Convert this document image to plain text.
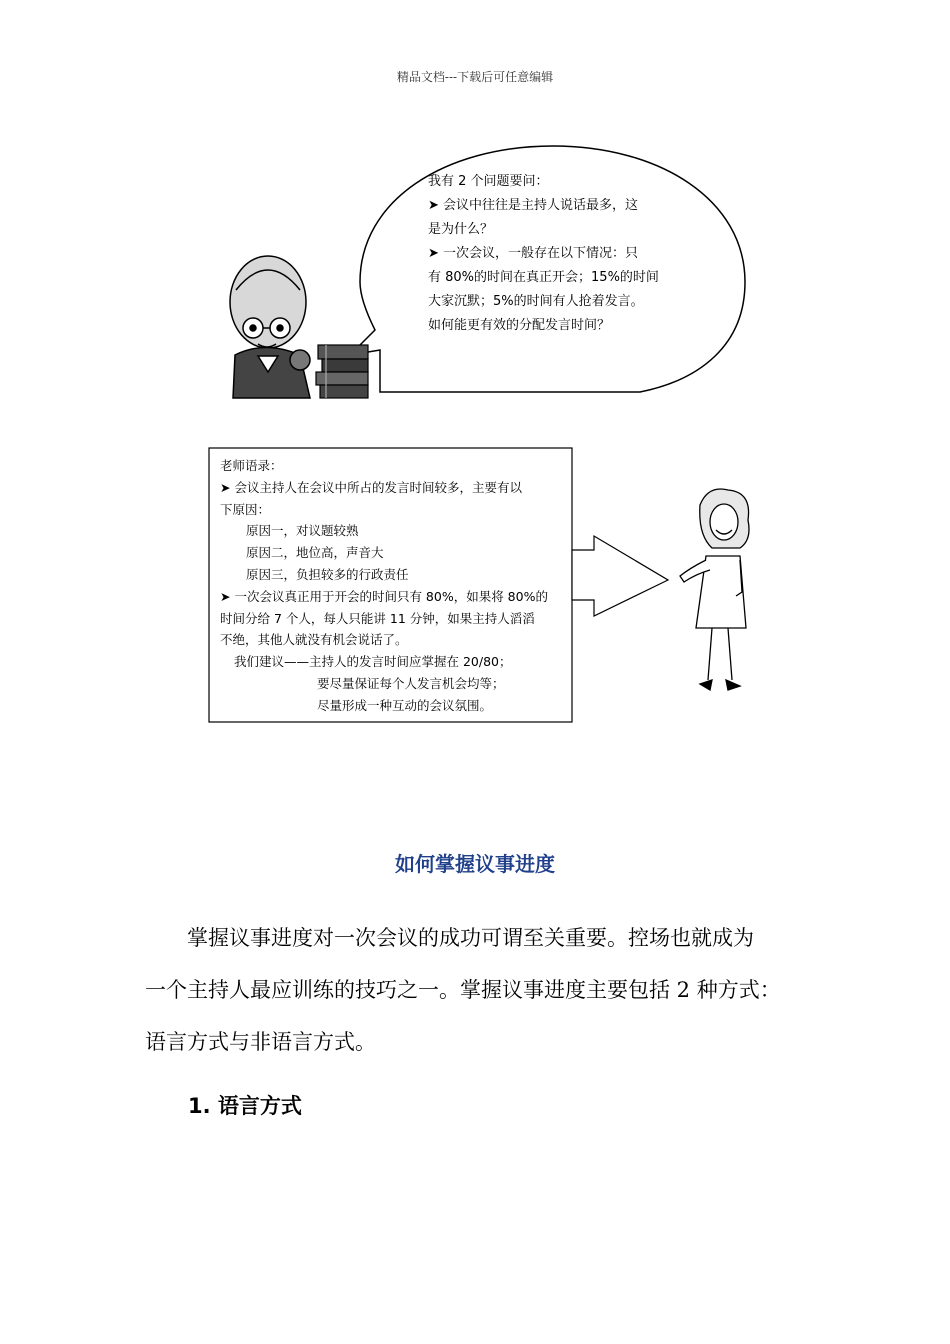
精品文档---下载后可任意编辑
我有 2 个问题要问：
➤ 会议中往往是主持人说话最多，这
是为什么？
➤ 一次会议，一般存在以下情况：只
有 80%的时间在真正开会；15%的时间
大家沉默；5%的时间有人抢着发言。
如何能更有效的分配发言时间？
老师语录：
➤ 会议主持人在会议中所占的发言时间较多，主要有以
下原因：
原因一，对议题较熟
原因二，地位高，声音大
原因三，负担较多的行政责任
➤ 一次会议真正用于开会的时间只有 80%，如果将 80%的
时间分给 7 个人，每人只能讲 11 分钟，如果主持人滔滔
不绝，其他人就没有机会说话了。
我们建议——主持人的发言时间应掌握在 20/80；
要尽量保证每个人发言机会均等；
尽量形成一种互动的会议氛围。
如何掌握议事进度
掌握议事进度对一次会议的成功可谓至关重要。控场也就成为
一个主持人最应训练的技巧之一。掌握议事进度主要包括 2 种方式：
语言方式与非语言方式。
1. 语言方式
